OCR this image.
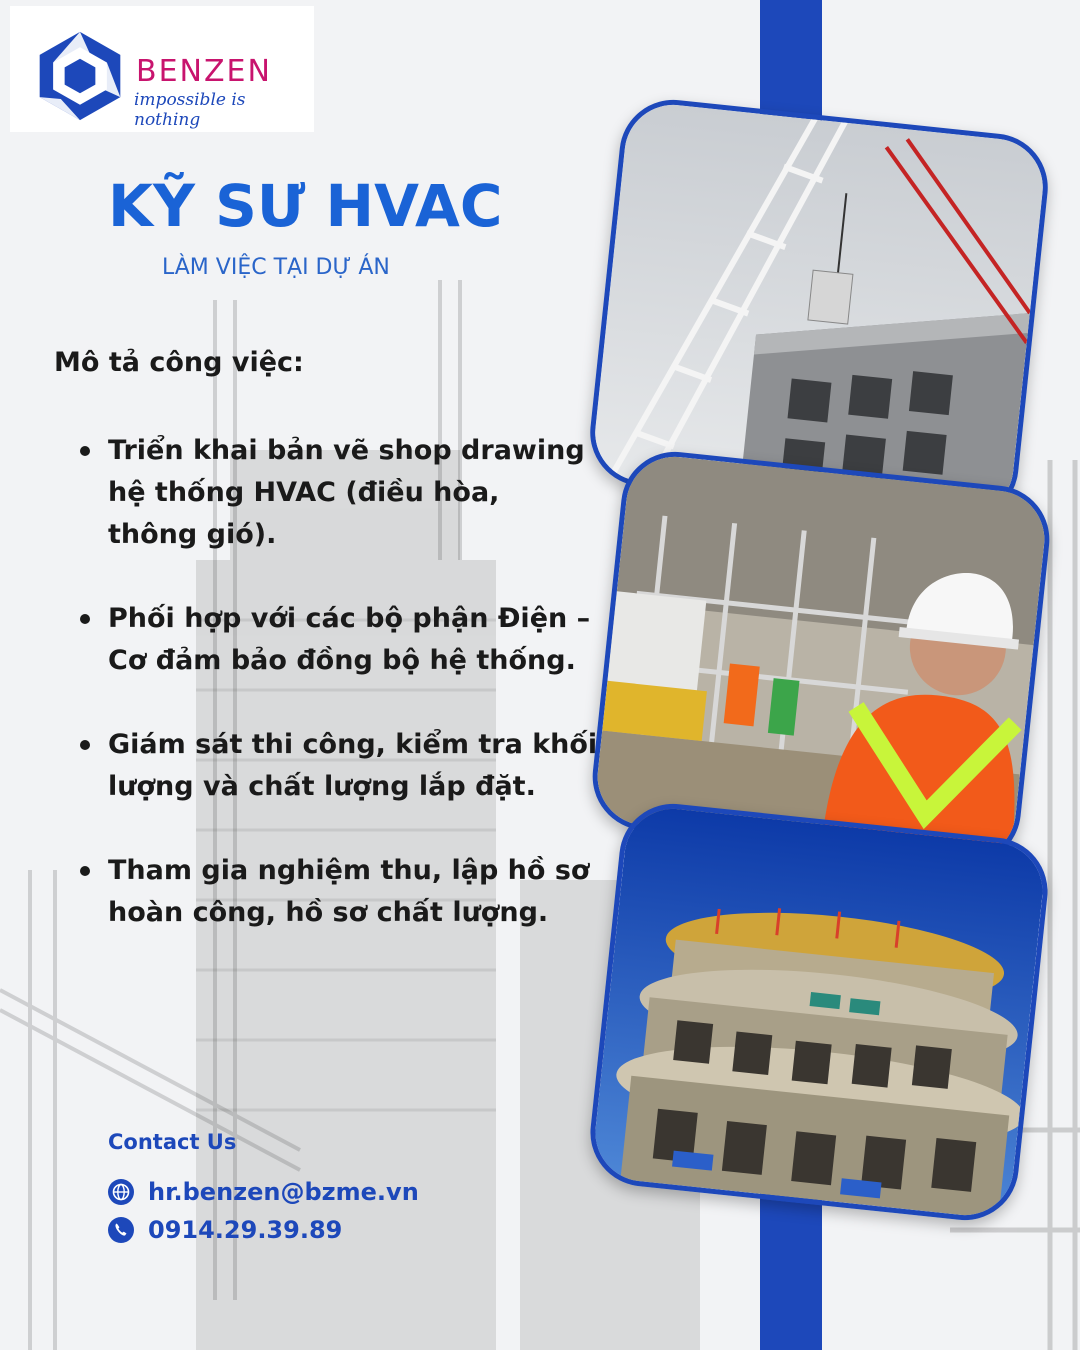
BENZEN
impossible is nothing
KỸ SƯ HVAC
LÀM VIỆC TẠI DỰ ÁN
Mô tả công việc:
Triển khai bản vẽ shop drawing hệ thống HVAC (điều hòa, thông gió).
Phối hợp với các bộ phận Điện – Cơ đảm bảo đồng bộ hệ thống.
Giám sát thi công, kiểm tra khối lượng và chất lượng lắp đặt.
Tham gia nghiệm thu, lập hồ sơ hoàn công, hồ sơ chất lượng.
Contact Us
hr.benzen@bzme.vn
0914.29.39.89
